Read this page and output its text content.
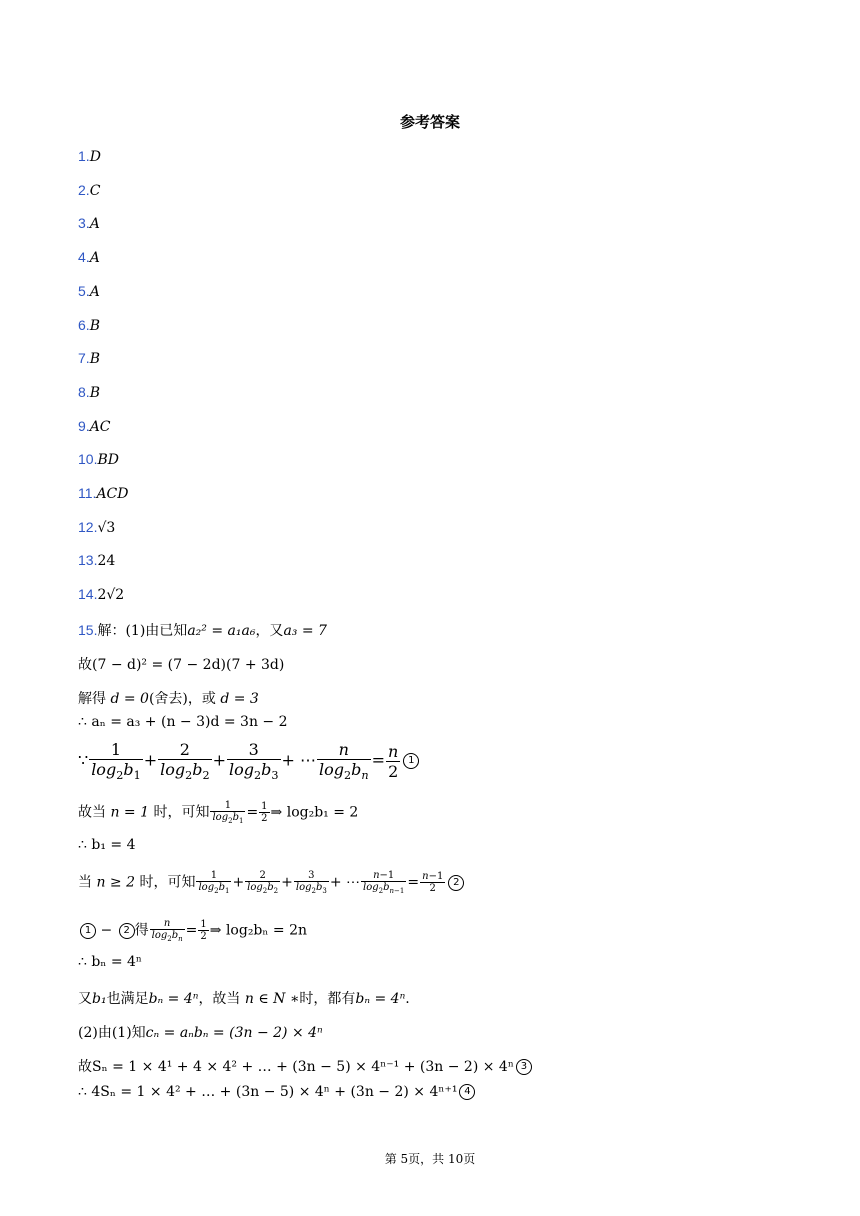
参考答案
1.D
2.C
3.A
4.A
5.A
6.B
7.B
8.B
9.AC
10.BD
11.ACD
12.√3
13.24
14.2√2
15.解：(1)由已知a₂² = a₁a₆，又a₃ = 7
故(7 − d)² = (7 − 2d)(7 + 3d)
解得 d = 0(舍去)，或 d = 3
∴ aₙ = a₃ + (n − 3)d = 3n − 2
∵ $\frac{1}{\log_2b_1} + \frac{2}{\log_2b_2} + \frac{3}{\log_2b_3}$ + ⋯ $\frac{n}{\log_2b_n} = \frac{n}{2} 1$
故当 n = 1 时，可知 $\frac{1}{\log_2b_1} = \frac{1}{2}$ ⇒ log₂b₁ = 2
∴ b₁ = 4
当 n ≥ 2 时，可知 $\frac{1}{\log_2b_1} + \frac{2}{\log_2b_2} + \frac{3}{\log_2b_3}$ + ⋯ $\frac{n-1}{\log_2b_{n-1}} = \frac{n-1}{2} 2$
1 − 2 得 $\frac{n}{\log_2b_n} = \frac{1}{2}$ ⇒ log₂bₙ = 2n
∴ bₙ = 4ⁿ
又b₁也满足bₙ = 4ⁿ，故当 n ∈ N ∗时，都有bₙ = 4ⁿ.
(2)由(1)知cₙ = aₙbₙ = (3n − 2) × 4ⁿ
故Sₙ = 1 × 4¹ + 4 × 4² + … + (3n − 5) × 4ⁿ⁻¹ + (3n − 2) × 4ⁿ 3
∴ 4Sₙ = 1 × 4² + … + (3n − 5) × 4ⁿ + (3n − 2) × 4ⁿ⁺¹ 4
第 5页，共 10页
